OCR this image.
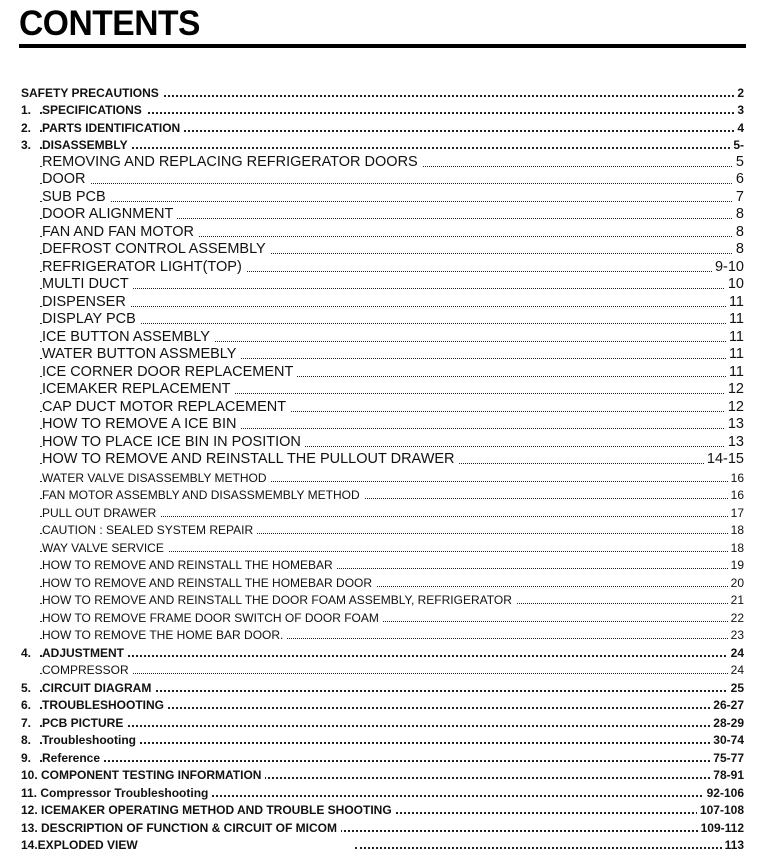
CONTENTS
SAFETY PRECAUTIONS	2
1. SPECIFICATIONS	3
2. PARTS IDENTIFICATION	4
3. DISASSEMBLY	5-
REMOVING AND REPLACING REFRIGERATOR DOORS	5
DOOR	6
SUB PCB	7
DOOR ALIGNMENT	8
FAN AND FAN MOTOR	8
DEFROST CONTROL ASSEMBLY	8
REFRIGERATOR LIGHT(TOP)	9-10
MULTI DUCT	10
DISPENSER	11
DISPLAY PCB	11
ICE BUTTON ASSEMBLY	11
WATER BUTTON ASSMEBLY	11
ICE CORNER DOOR REPLACEMENT	11
ICEMAKER REPLACEMENT	12
CAP DUCT MOTOR REPLACEMENT	12
HOW TO REMOVE A ICE BIN	13
HOW TO PLACE ICE BIN IN POSITION	13
HOW TO REMOVE AND REINSTALL THE PULLOUT DRAWER	14-15
WATER VALVE DISASSEMBLY METHOD	16
FAN MOTOR ASSEMBLY AND DISASSMEMBLY METHOD	16
PULL OUT DRAWER	17
CAUTION : SEALED SYSTEM REPAIR	18
WAY VALVE SERVICE	18
HOW TO REMOVE AND REINSTALL THE HOMEBAR	19
HOW TO REMOVE AND REINSTALL THE HOMEBAR DOOR	20
HOW TO REMOVE AND REINSTALL THE DOOR FOAM ASSEMBLY, REFRIGERATOR	21
HOW TO REMOVE FRAME DOOR SWITCH OF DOOR FOAM	22
HOW TO REMOVE THE HOME BAR DOOR.	23
4. ADJUSTMENT	24
COMPRESSOR	24
5. CIRCUIT DIAGRAM	25
6. TROUBLESHOOTING	26-27
7. PCB PICTURE	28-29
8. Troubleshooting	30-74
9. Reference	75-77
10. COMPONENT TESTING INFORMATION	78-91
11. Compressor Troubleshooting	92-106
12. ICEMAKER OPERATING METHOD AND TROUBLE SHOOTING	107-108
13. DESCRIPTION OF FUNCTION & CIRCUIT OF MICOM	109-112
14.EXPLODED VIEW	113
